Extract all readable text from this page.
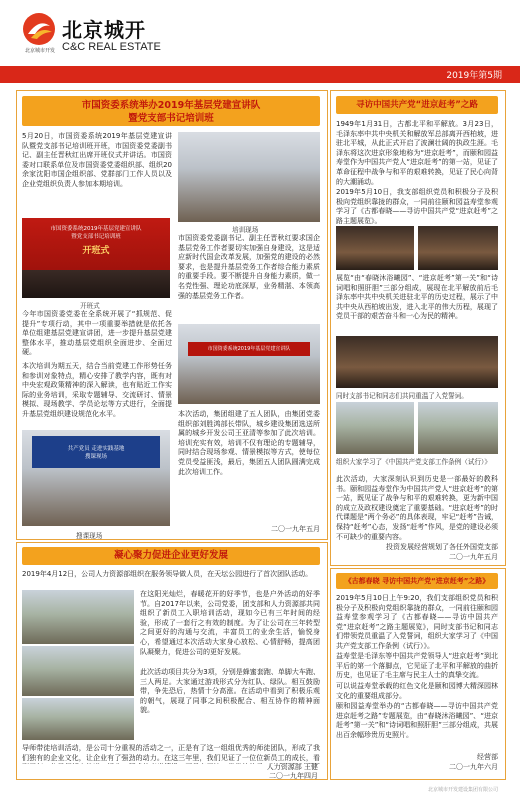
北京城市开发
北京城开
C&C REAL ESTATE
2019年第5期
市国资委系统举办2019年基层党建宣讲队
暨党支部书记培训班

5月20日，市国资委系统2019年基层党建宣讲队暨党支部书记培训班开班，市国资委党委副书记、副主任晋秋红出席开班仪式并讲话。市国资委对口联系单位及市国资委党委组织部、组织20余家沈阳市国企组织部、党群部门工作人员以及企业党组织负责人参加本期培训。

市国资委系统2019年基层党建宣讲队
暨党支部书记培训班
开班式
开班式

今年市国资委党委在全系统开展了“抓规范、促提升”专项行动，其中一项重要举措就是依托各单位组建基层党建宣讲团，进一步提升基层党建整体水平，推动基层党组织全面进步、全面过硬。

本次培训为期五天，结合当前党建工作形势任务和参训对象特点，精心安排了教学内容，既有对中央宏观政策精神的深入解读，也有贴近工作实际的业务培训，采取专题辅导、交流研讨、情景模拟、现场教学、学员论坛等方式进行，全面提升基层党组织建设规范化水平。

共产党员 走进实践基地
搜课现场
搜课现场
培训现场

市国资委党委副书记、副主任晋秋红要求国企基层党务工作者要切实加强自身建设，这是适应新时代国企改革发展，加强党的建设的必然要求，也是提升基层党务工作者综合能力素质的重要手段。要不断提升自身能力素质，做一名党性强、理论功底深厚，业务精湛、本领高强的基层党务工作者。

市国资委系统2019年基层党建宣讲队

本次活动，集团组建了五人团队，由集团党委组织部刘胜鸿部长带队，城乡建设集团选送所属的城乡开发公司王亚清等参加了此次培训。培训充实有效，培训不仅有理论的专题辅导，同时结合现场参观、情景模拟等方式，使每位党员受益匪浅，最后，集团五人团队圆满完成此次培训工作。

二〇一九年五月
寻访中国共产党“进京赶考”之路

1949年1月31日，古都北平和平解放。3月23日，毛泽东率中共中央机关和解放军总部离开西柏坡，进驻北平城，从此正式开启了波澜壮阔的执政生涯。毛泽东将这次进京形象地称为“进京赶考”，而颐和园益寿堂作为中国共产党人“进京赶考”的第一站，见证了革命征程中战争与和平的艰难转换，见证了民心向背的大潮涌动。

2019年5月10日，我支部组织党员和积极分子及积极向党组织靠拢的群众，一同前往颐和园益寿堂参观学习了《古都春晓——寻访中国共产党“进京赶考”之路主题展览》。

展览“由“春晓沐浴曦园”、“进京赶考”第一关”和“诗词唱和照肝胆”三部分组成，展现在北平解放前后毛泽东率中共中央机关进驻北平的历史过程，展示了中共中央从西柏坡出发，进入北平的伟大历程，展现了党员干部的艰苦奋斗和一心为民的精神。

同时支部书记和同志们共同重温了入党誓词。
组织大家学习了《中国共产党支部工作条例（试行）》

此次活动，大家深刻认识到历史是一部最好的教科书。颐和园益寿堂作为中国共产党人“进京赶考”的第一站，既见证了战争与和平的艰难转换，更为新中国的成立及政权建设奠定了重要基础。“进京赶考”的时代课题是“两个务必”的具体表现，牢记“赶考”告诫，保持“赶考”心态，发扬“赶考”作风，是党的建设必须不可缺少的重要内容。

投资发展经营规划了各任外国党支部
二〇一九年五月
凝心聚力促进企业更好发展

2019年4月12日，公司人力资源部组织在服务领导做人员，在天坛公园进行了首次团队活动。

在这阳光灿烂，春暖花开的好季节，也是户外活动的好季节。自2017年以来，公司党委，团支部和人力资源部共同组织了新员工入职培训活动，现如今已有三年时间的经验，形成了一套行之有效的制度。为了让公司在三年转型之间更好的沟通与交流，丰富员工的业余生活，愉悦身心，希望通过本次活动大家身心放松、心情舒畅，提高团队凝聚力，促进公司的更好发展。

此次活动项目共分为3项，分别是蜂蜜套跑、单脚大车跑、三人两足。大家通过游戏形式分为红队、绿队。相互鼓励带，争先恐后，热情十分高涨。在活动中看到了积极乐观的朝气，展现了同事之间积极配合、相互协作的精神面貌。

导师带徒培训活动，是公司十分重视的活动之一，正是有了这一组组优秀的师徒团队，形成了我们独有的企业文化，让企业有了强劲的动力。在这三年里，我们见证了一位位新员工的成长，看

人力资源部 王健
二〇一九年四月
《古都春晓 寻访中国共产党“进京赶考”之路》

2019年5月10日上午9:20，我们支部组织党员和积极分子及积极向党组织靠拢的群众，一同前往颐和园益寿堂参观学习了《古都春晓——寻访中国共产党“进京赶考”之路主题展览》，同时支部书记和同志们带领党员重温了入党誓词，组织大家学习了《中国共产党支部工作条例（试行）》。

益寿堂是毛泽东等中国共产党领导人“进京赶考”到北平后的第一个落脚点，它见证了北平和平解放的曲折历史，也见证了毛主席与民主人士的真挚交流。

可以说益寿堂承载的红色文化是颐和园博大精深园林文化的重要组成部分。

颐和园益寿堂举办的“古都春晓——寻访中国共产党进京赶考之路”专题展览，由“春晓沐浴曦园”、“进京赶考”第一关”和“诗词唱和照肝胆”三部分组成，共展出百余幅珍贵历史照片。

经营部
二〇一九年六月
北京城市开发建设集团有限公司
